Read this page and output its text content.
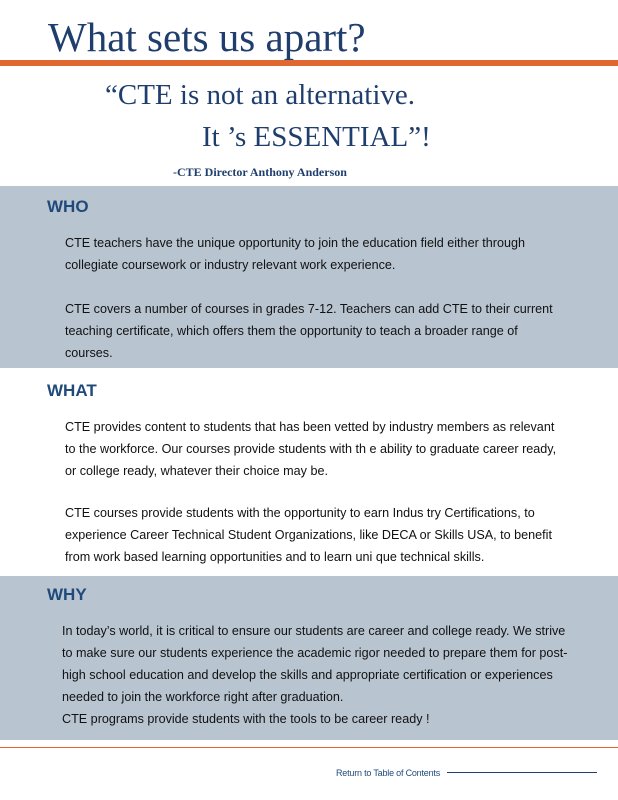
What sets us apart?
“CTE is not an alternative.
It ’s ESSENTIAL”!
-CTE Director Anthony Anderson
WHO

CTE teachers have the unique opportunity to join the education field either through collegiate coursework or industry relevant work experience.

CTE covers a number of courses in grades 7-12. Teachers can add CTE to their current teaching certificate, which offers them the opportunity to teach a broader range of courses.

WHAT

CTE provides content to students that has been vetted by industry members as relevant to the workforce. Our courses provide students with th e ability to graduate career ready, or college ready, whatever their choice may be.

CTE courses provide students with the opportunity to earn Indus try Certifications, to experience Career Technical Student Organizations, like DECA or Skills USA, to benefit from work based learning opportunities and to learn uni que technical skills.

WHY

In today’s world, it is critical to ensure our students are career and college ready. We strive to make sure our students experience the academic rigor needed to prepare them for post-high school education and develop the skills and appropriate certification or experiences needed to join the workforce right after graduation.

CTE programs provide students with the tools to be career ready !

Return to Table of Contents
